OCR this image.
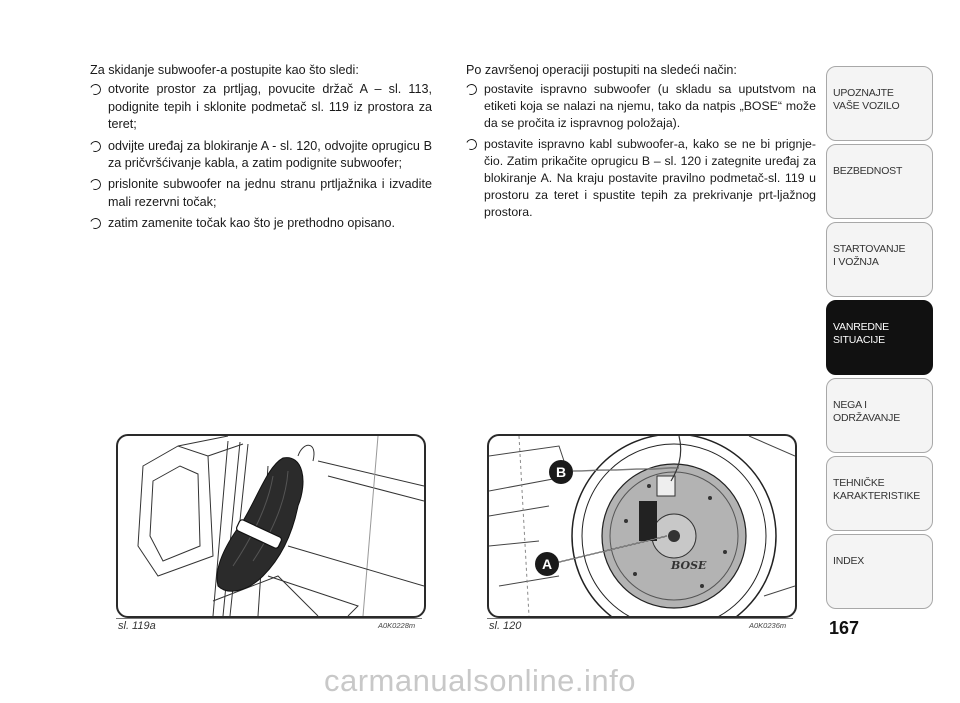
Za skidanje subwoofer-a postupite kao što sledi:

otvorite prostor za prtljag, povucite držač A – sl. 113, podignite tepih i sklonite podmetač sl. 119 iz prostora za teret;
odvijte uređaj za blokiranje A - sl. 120, odvojite oprugicu B za pričvršćivanje kabla, a zatim podignite subwoofer;
prislonite subwoofer na jednu stranu prtljažnika i izvadite mali rezervni točak;
zatim zamenite točak kao što je prethodno opisano.

Po završenoj operaciji postupiti na sledeći način:

postavite ispravno subwoofer (u skladu sa uputstvom na etiketi koja se nalazi na njemu, tako da natpis „BOSE“ može da se pročita iz ispravnog položaja).
postavite ispravno kabl subwoofer-a, kako se ne bi prignje-čio. Zatim prikačite oprugicu B – sl. 120 i zategnite uređaj za blokiranje A. Na kraju postavite pravilno podmetač-sl. 119 u prostoru za teret i spustite tepih za prekrivanje prt-ljažnog prostora.
sl. 119a	A0K0228m
BOSE
B
A
sl. 120	A0K0236m
UPOZNAJTE
VAŠE VOZILO
BEZBEDNOST
STARTOVANJE
I VOŽNJA
VANREDNE
SITUACIJE
NEGA I
ODRŽAVANJE
TEHNIČKE
KARAKTERISTIKE
INDEX
167
carmanualsonline.info
